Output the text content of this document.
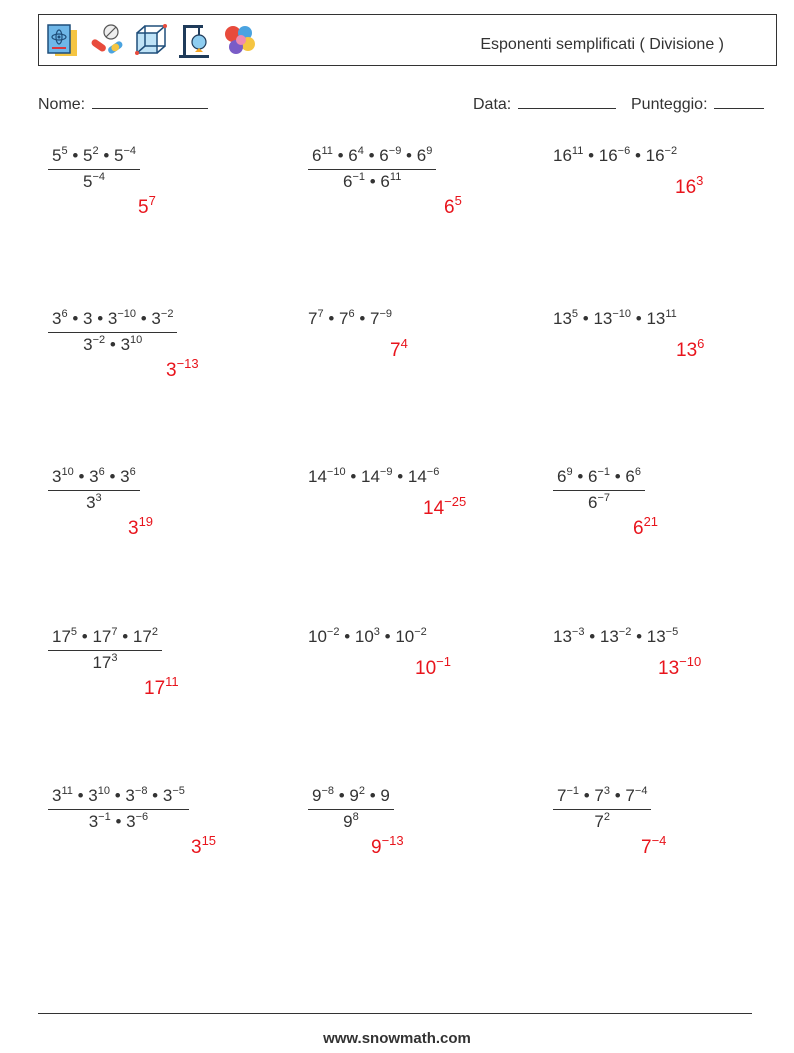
Esponenti semplificati ( Divisione )
Nome:	Data:	Punteggio:
$\frac{5^5 • 5^2 • 5^{-4}}{5^{-4}}$
$5^7$
$\frac{6^{11} • 6^4 • 6^{-9} • 6^9}{6^{-1} • 6^{11}}$
$6^5$
$16^{11}$ • $16^{-6}$ • $16^{-2}$
$16^3$
$\frac{3^6 • 3 • 3^{-10} • 3^{-2}}{3^{-2} • 3^{10}}$
$3^{-13}$
$7^7$ • $7^6$ • $7^{-9}$
$7^4$
$13^5$ • $13^{-10}$ • $13^{11}$
$13^6$
$\frac{3^{10} • 3^6 • 3^6}{3^3}$
$3^{19}$
$14^{-10}$ • $14^{-9}$ • $14^{-6}$
$14^{-25}$	$\frac{6^9 • 6^{-1} • 6^6}{6^{-7}}$
$6^{21}$
$\frac{17^5 • 17^7 • 17^2}{17^3}$
$17^{11}$
$10^{-2}$ • $10^3$ • $10^{-2}$
$10^{-1}$
$13^{-3}$ • $13^{-2}$ • $13^{-5}$
$13^{-10}$
$\frac{3^{11} • 3^{10} • 3^{-8} • 3^{-5}}{3^{-1} • 3^{-6}}$
$3^{15}$
$\frac{9^{-8} • 9^2 • 9}{9^8}$
$9^{-13}$
$\frac{7^{-1} • 7^3 • 7^{-4}}{7^2}$
$7^{-4}$
www.snowmath.com
